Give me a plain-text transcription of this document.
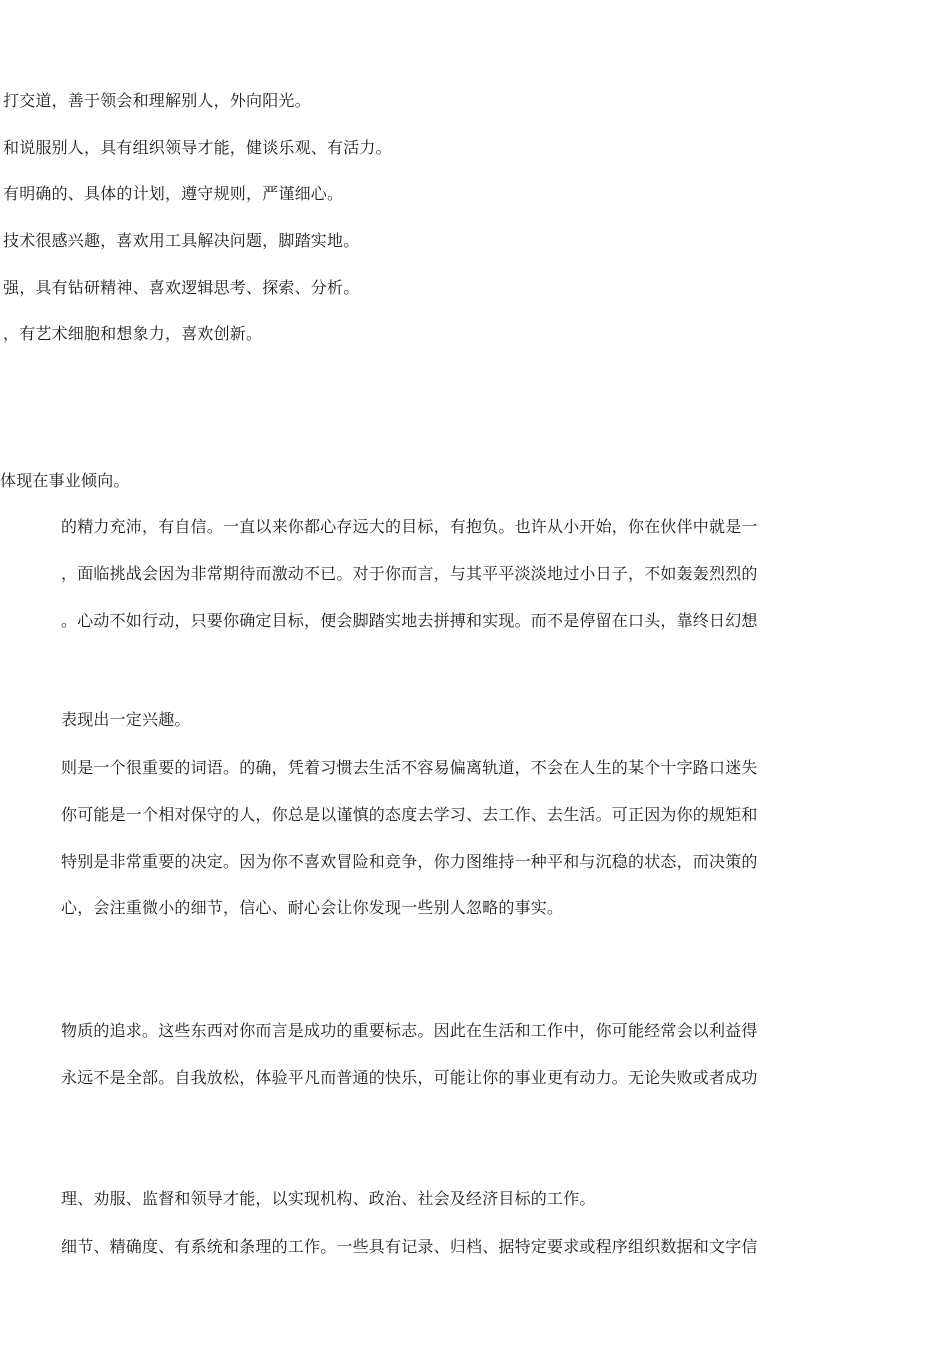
打交道，善于领会和理解别人，外向阳光。
和说服别人，具有组织领导才能，健谈乐观、有活力。
有明确的、具体的计划，遵守规则，严谨细心。
技术很感兴趣，喜欢用工具解决问题，脚踏实地。
强，具有钻研精神、喜欢逻辑思考、探索、分析。
，有艺术细胞和想象力，喜欢创新。
体现在事业倾向。
的精力充沛，有自信。一直以来你都心存远大的目标，有抱负。也许从小开始，你在伙伴中就是一
，面临挑战会因为非常期待而激动不已。对于你而言，与其平平淡淡地过小日子，不如轰轰烈烈的
。心动不如行动，只要你确定目标，便会脚踏实地去拼搏和实现。而不是停留在口头，靠终日幻想
表现出一定兴趣。
则是一个很重要的词语。的确，凭着习惯去生活不容易偏离轨道，不会在人生的某个十字路口迷失
你可能是一个相对保守的人，你总是以谨慎的态度去学习、去工作、去生活。可正因为你的规矩和
特别是非常重要的决定。因为你不喜欢冒险和竞争，你力图维持一种平和与沉稳的状态，而决策的
心，会注重微小的细节，信心、耐心会让你发现一些别人忽略的事实。
物质的追求。这些东西对你而言是成功的重要标志。因此在生活和工作中，你可能经常会以利益得
永远不是全部。自我放松，体验平凡而普通的快乐，可能让你的事业更有动力。无论失败或者成功
理、劝服、监督和领导才能，以实现机构、政治、社会及经济目标的工作。
细节、精确度、有系统和条理的工作。一些具有记录、归档、据特定要求或程序组织数据和文字信
